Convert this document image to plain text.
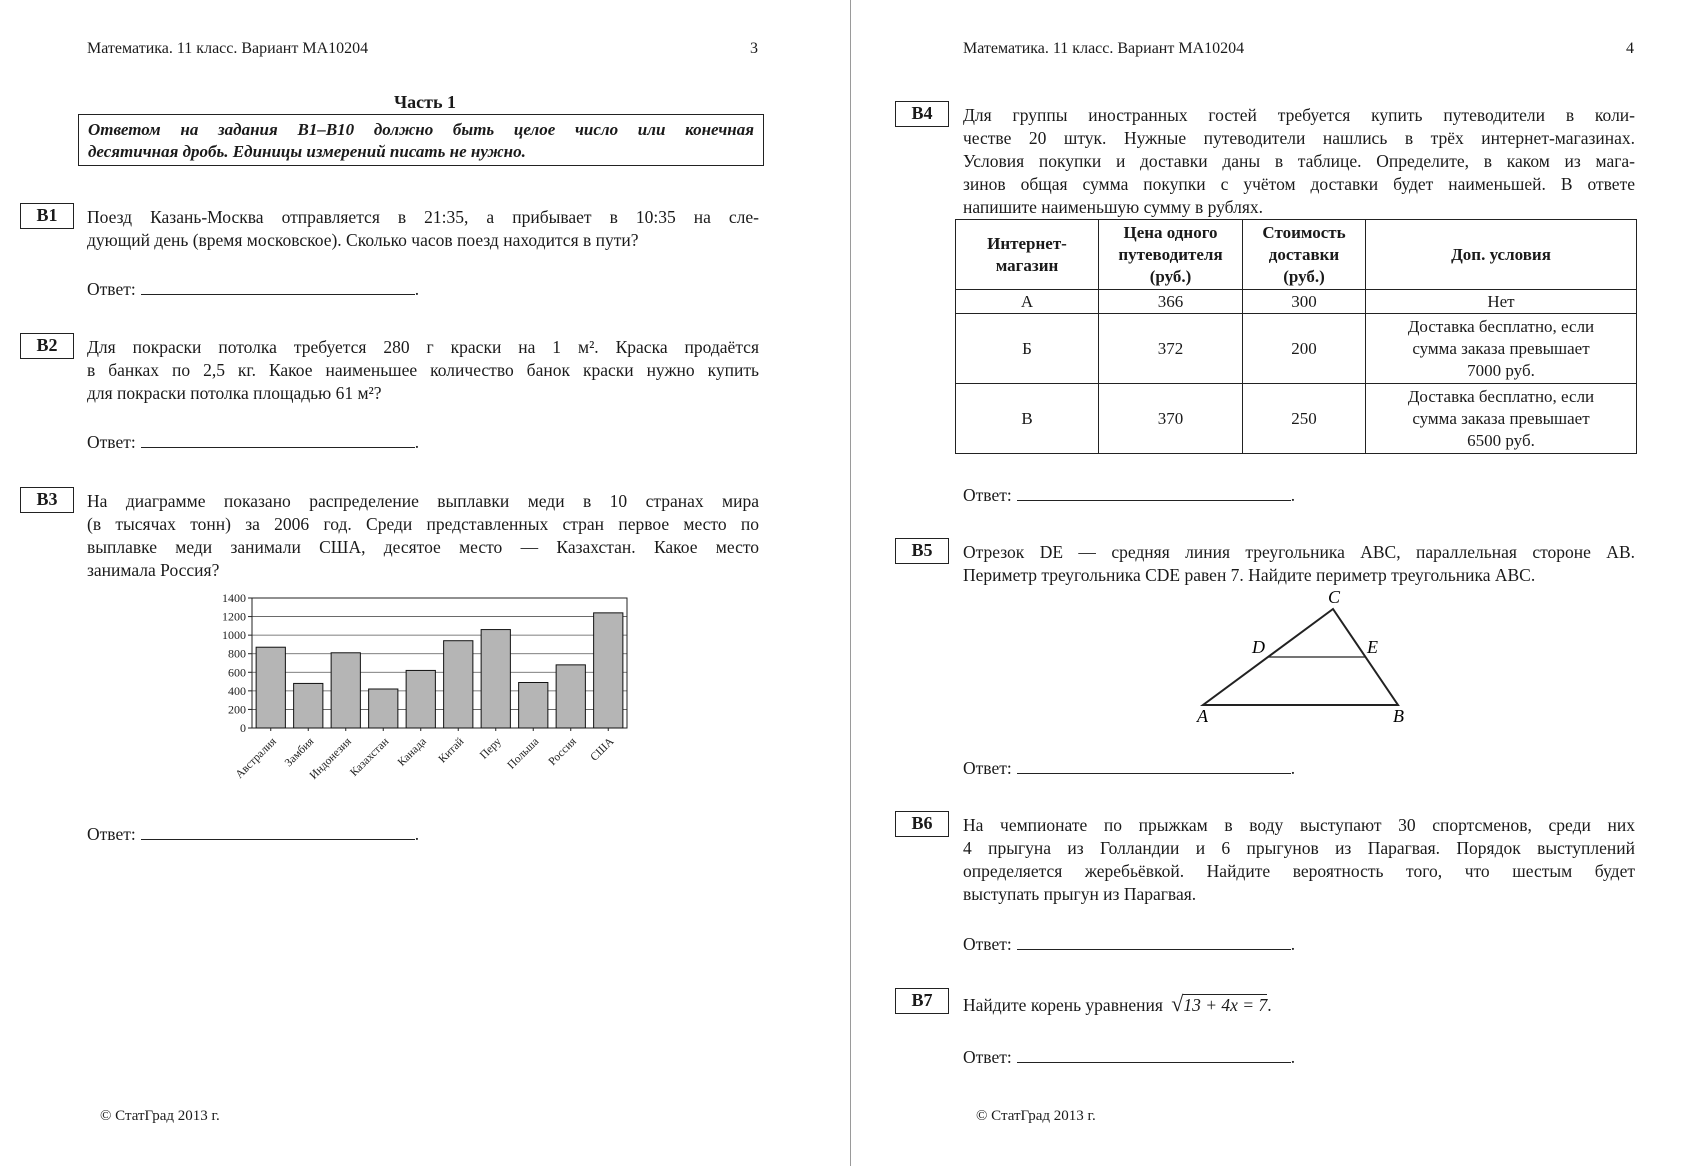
Математика. 11 класс. Вариант МА10204	3
Часть 1
Ответом на задания В1–В10 должно быть целое число или конечная
десятичная дробь. Единицы измерений писать не нужно.
B1	Поезд Казань-Москва отправляется в 21:35, а прибывает в 10:35 на сле-
дующий день (время московское). Сколько часов поезд находится в пути?
Ответ:	.
B2	Для покраски потолка требуется 280 г краски на 1 м². Краска продаётся
в банках по 2,5 кг. Какое наименьшее количество банок краски нужно купить
для покраски потолка площадью 61 м²?
Ответ:	.
B3	На диаграмме показано распределение выплавки меди в 10 странах мира
(в тысячах тонн) за 2006 год. Среди представленных стран первое место по
выплавке меди занимали США, десятое место — Казахстан. Какое место
занимала Россия?
0
200
400
600
800
1000
1200
1400
Австралия Замбия
Индонезия
Казахстан Канада Китай Перу Польша Россия США
Ответ:	.
© СтатГрад 2013 г.
Математика. 11 класс. Вариант МА10204	4
B4	Для группы иностранных гостей требуется купить путеводители в коли-
честве 20 штук. Нужные путеводители нашлись в трёх интернет-магазинах.
Условия покупки и доставки даны в таблице. Определите, в каком из мага-
зинов общая сумма покупки с учётом доставки будет наименьшей. В ответе
напишите наименьшую сумму в рублях.
Интернет-магазин	Цена одного путеводителя (руб.)	Стоимость доставки (руб.)	Доп. условия
А	366	300	Нет
Б	372	200	Доставка бесплатно, если сумма заказа превышает 7000 руб.
В	370	250	Доставка бесплатно, если сумма заказа превышает 6500 руб.
Ответ:	.
B5	Отрезок DE — средняя линия треугольника ABC, параллельная стороне AB.
Периметр треугольника CDE равен 7. Найдите периметр треугольника ABC.
A	B
C
D	E
Ответ:	.
B6	На чемпионате по прыжкам в воду выступают 30 спортсменов, среди них
4 прыгуна из Голландии и 6 прыгунов из Парагвая. Порядок выступлений
определяется жеребьёвкой. Найдите вероятность того, что шестым будет
выступать прыгун из Парагвая.
Ответ:	.
B7	Найдите корень уравнения √13 + 4x = 7.
Ответ:	.
© СтатГрад 2013 г.
